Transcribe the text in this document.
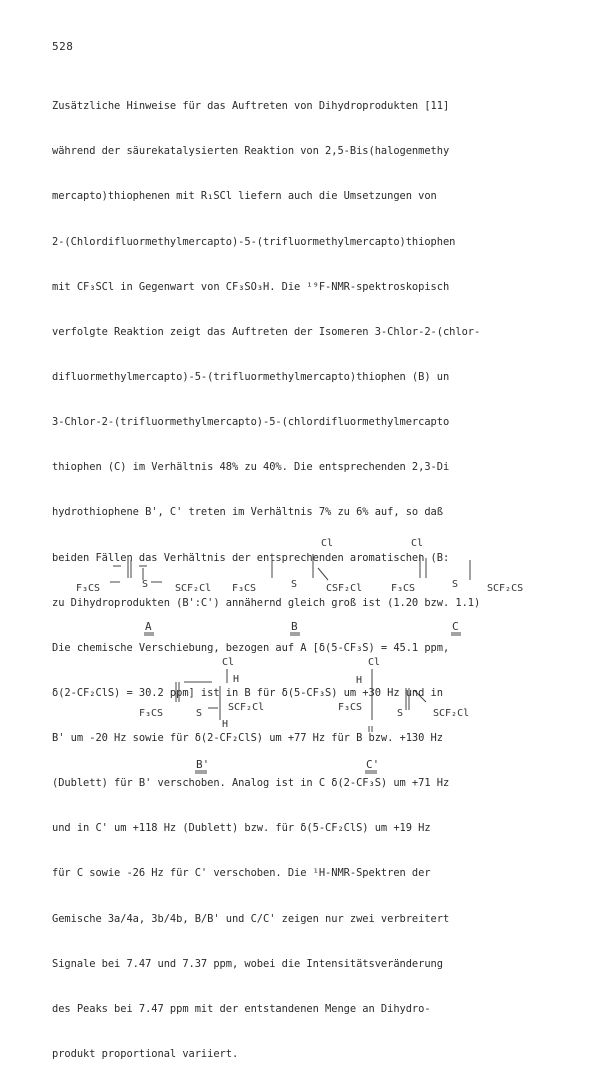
528

Zusätzliche Hinweise für das Auftreten von Dihydroprodukten [11]

während der säurekatalysierten Reaktion von 2,5-Bis(halogenmethy

mercapto)thiophenen mit R₁SCl liefern auch die Umsetzungen von

2-(Chlordifluormethylmercapto)-5-(trifluormethylmercapto)thiophen

mit CF₃SCl in Gegenwart von CF₃SO₃H. Die ¹⁹F-NMR-spektroskopisch

verfolgte Reaktion zeigt das Auftreten der Isomeren 3-Chlor-2-(chlor-

difluormethylmercapto)-5-(trifluormethylmercapto)thiophen (B) un

3-Chlor-2-(trifluormethylmercapto)-5-(chlordifluormethylmercapto

thiophen (C) im Verhältnis 48% zu 40%. Die entsprechenden 2,3-Di

hydrothiophene B', C' treten im Verhältnis 7% zu 6% auf, so daß

beiden Fällen das Verhältnis der entsprechenden aromatischen (B:

zu Dihydroprodukten (B':C') annähernd gleich groß ist (1.20 bzw. 1.1)

Die chemische Verschiebung, bezogen auf A [δ(5-CF₃S) = 45.1 ppm,

δ(2-CF₂ClS) = 30.2 ppm] ist in B für δ(5-CF₃S) um +30 Hz und in

B' um -20 Hz sowie für δ(2-CF₂ClS) um +77 Hz für B bzw. +130 Hz

(Dublett) für B' verschoben. Analog ist in C δ(2-CF₃S) um +71 Hz

und in C' um +118 Hz (Dublett) bzw. für δ(5-CF₂ClS) um +19 Hz

für C sowie -26 Hz für C' verschoben. Die ¹H-NMR-Spektren der

Gemische 3a/4a, 3b/4b, B/B' und C/C' zeigen nur zwei verbreitert

Signale bei 7.47 und 7.37 ppm, wobei die Intensitätsveränderung

des Peaks bei 7.47 ppm mit der entstandenen Menge an Dihydro-

produkt proportional variiert.

F₃CS	S	SCF₂Cl
A
Cl
F₃CS	S	CSF₂Cl
B
Cl
F₃CS	S	SCF₂CS
C
Cl
H
F₃CS	S
SCF₂Cl
H
B'
Cl
H
F₃CS
S	SCF₂Cl
C'
